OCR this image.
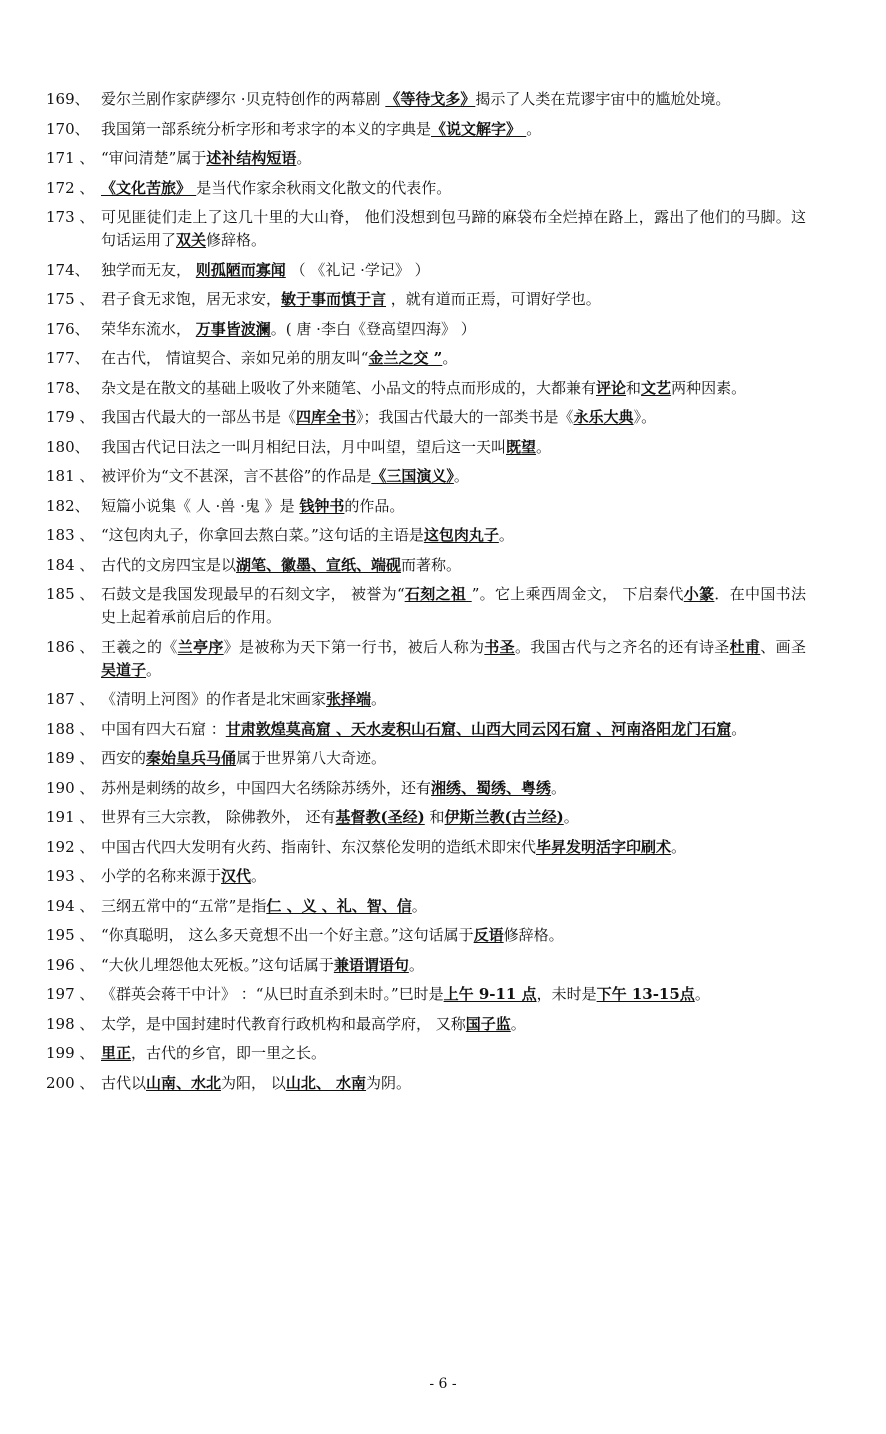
169、 爱尔兰剧作家萨缪尔 ·贝克特创作的两幕剧 《等待戈多》揭示了人类在荒谬宇宙中的尴尬处境。
170、 我国第一部系统分析字形和考求字的本义的字典是《说文解字》 。
171 、 “审问清楚”属于述补结构短语。
172 、 《文化苦旅》 是当代作家余秋雨文化散文的代表作。
173 、 可见匪徒们走上了这几十里的大山脊， 他们没想到包马蹄的麻袋布全烂掉在路上，露出了他们的马脚。这句话运用了双关修辞格。
174、 独学而无友， 则孤陋而寡闻 （ 《礼记 ·学记》 ）
175 、 君子食无求饱，居无求安，敏于事而慎于言 ，就有道而正焉，可谓好学也。
176、 荣华东流水， 万事皆波澜。( 唐 ·李白《登高望四海》 ）
177、 在古代， 情谊契合、亲如兄弟的朋友叫“金兰之交 ”。
178、 杂文是在散文的基础上吸收了外来随笔、小品文的特点而形成的，大都兼有评论和文艺两种因素。
179 、 我国古代最大的一部丛书是《四库全书》；我国古代最大的一部类书是《永乐大典》。
180、 我国古代记日法之一叫月相纪日法，月中叫望，望后这一天叫既望。
181 、 被评价为“文不甚深，言不甚俗”的作品是《三国演义》。
182、 短篇小说集《 人 ·兽 ·鬼 》是 钱钟书的作品。
183 、 “这包肉丸子，你拿回去熬白菜。”这句话的主语是这包肉丸子。
184 、 古代的文房四宝是以湖笔、徽墨、宣纸、端砚而著称。
185 、 石鼓文是我国发现最早的石刻文字， 被誉为“石刻之祖 ”。它上乘西周金文， 下启秦代小篆．在中国书法史上起着承前启后的作用。
186 、 王羲之的《兰亭序》是被称为天下第一行书，被后人称为书圣。我国古代与之齐名的还有诗圣杜甫、画圣吴道子。
187 、 《清明上河图》的作者是北宋画家张择端。
188 、 中国有四大石窟 ：甘肃敦煌莫高窟 、天水麦积山石窟、山西大同云冈石窟 、河南洛阳龙门石窟。
189 、 西安的秦始皇兵马俑属于世界第八大奇迹。
190 、 苏州是刺绣的故乡，中国四大名绣除苏绣外，还有湘绣、蜀绣、粤绣。
191 、 世界有三大宗教， 除佛教外， 还有基督教(圣经) 和伊斯兰教(古兰经)。
192 、 中国古代四大发明有火药、指南针、东汉蔡伦发明的造纸术即宋代毕昇发明活字印刷术。
193 、 小学的名称来源于汉代。
194 、 三纲五常中的“五常”是指仁 、义 、礼、智、信。
195 、 “你真聪明， 这么多天竟想不出一个好主意。”这句话属于反语修辞格。
196 、 “大伙儿埋怨他太死板。”这句话属于兼语谓语句。
197 、 《群英会蒋干中计》 ：“从巳时直杀到未时。”巳时是上午 9-11 点，未时是下午 13-15点。
198 、 太学，是中国封建时代教育行政机构和最高学府， 又称国子监。
199 、 里正，古代的乡官，即一里之长。
200 、 古代以山南、水北为阳， 以山北、 水南为阴。
- 6 -
